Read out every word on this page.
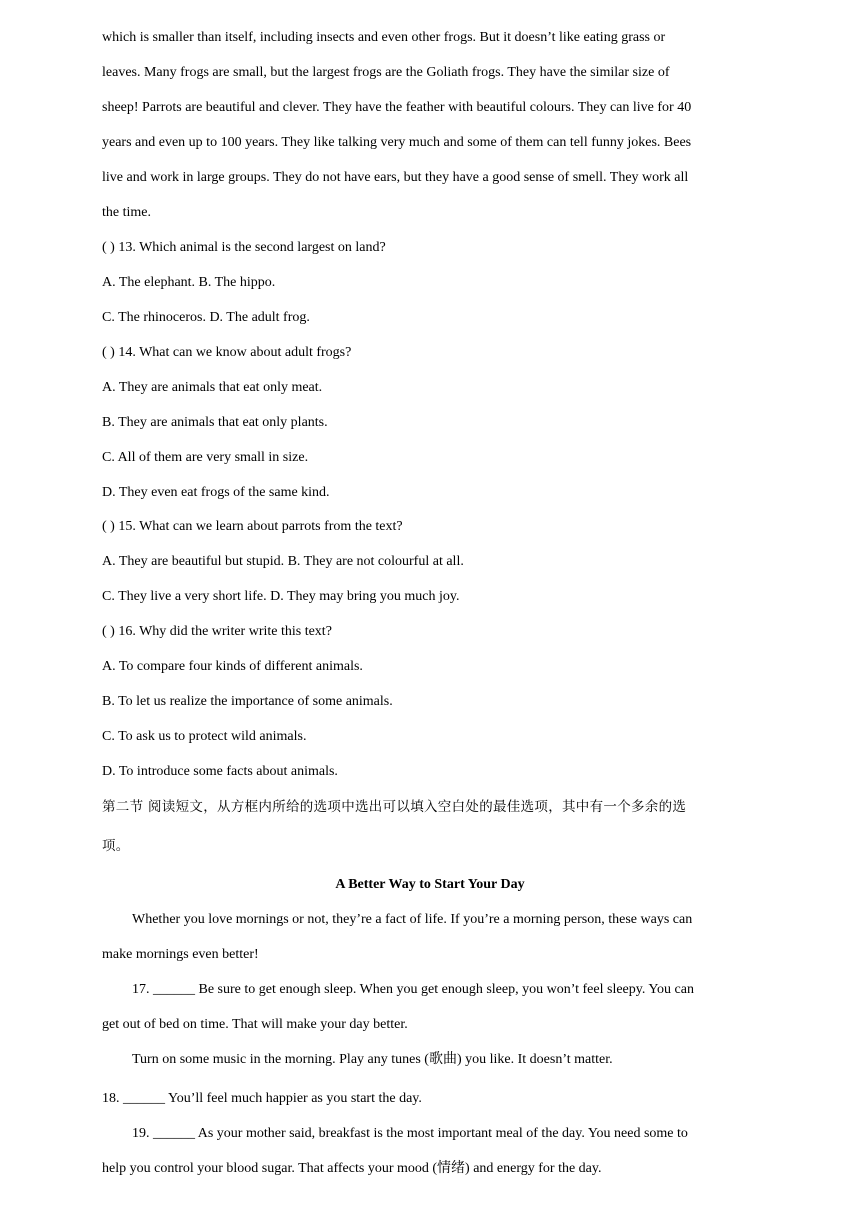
which is smaller than itself, including insects and even other frogs. But it doesn’t like eating grass or
leaves. Many frogs are small, but the largest frogs are the Goliath frogs. They have the similar size of
sheep! Parrots are beautiful and clever. They have the feather with beautiful colours. They can live for 40
years and even up to 100 years. They like talking very much and some of them can tell funny jokes. Bees
live and work in large groups. They do not have ears, but they have a good sense of smell. They work all
the time.
( ) 13. Which animal is the second largest on land?
A. The elephant. B. The hippo.
C. The rhinoceros. D. The adult frog.
( ) 14. What can we know about adult frogs?
A. They are animals that eat only meat.
B. They are animals that eat only plants.
C. All of them are very small in size.
D. They even eat frogs of the same kind.
( ) 15. What can we learn about parrots from the text?
A. They are beautiful but stupid. B. They are not colourful at all.
C. They live a very short life. D. They may bring you much joy.
( ) 16. Why did the writer write this text?
A. To compare four kinds of different animals.
B. To let us realize the importance of some animals.
C. To ask us to protect wild animals.
D. To introduce some facts about animals.
第二节 阅读短文，从方框内所给的选项中选出可以填入空白处的最佳选项，其中有一个多余的选
项。
A Better Way to Start Your Day
Whether you love mornings or not, they’re a fact of life. If you’re a morning person, these ways can
make mornings even better!
17. ______ Be sure to get enough sleep. When you get enough sleep, you won’t feel sleepy. You can
get out of bed on time. That will make your day better.
Turn on some music in the morning. Play any tunes (歌曲) you like. It doesn’t matter.
18. ______ You’ll feel much happier as you start the day.
19. ______ As your mother said, breakfast is the most important meal of the day. You need some to
help you control your blood sugar. That affects your mood (情绪) and energy for the day.
